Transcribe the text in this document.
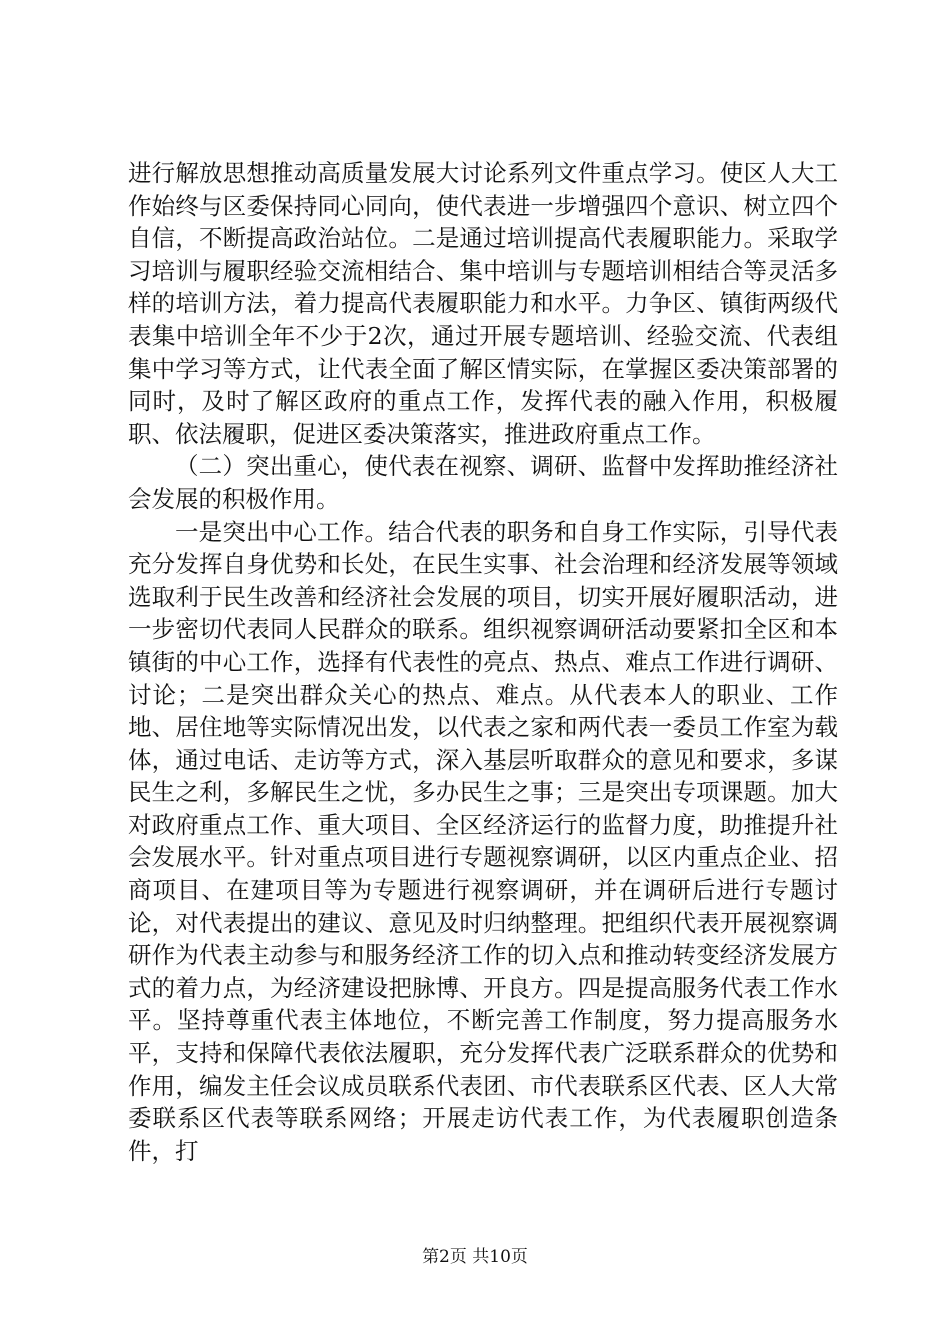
进行解放思想推动高质量发展大讨论系列文件重点学习。使区人大工作始终与区委保持同心同向，使代表进一步增强四个意识、树立四个自信，不断提高政治站位。二是通过培训提高代表履职能力。采取学习培训与履职经验交流相结合、集中培训与专题培训相结合等灵活多样的培训方法，着力提高代表履职能力和水平。力争区、镇街两级代表集中培训全年不少于2次，通过开展专题培训、经验交流、代表组集中学习等方式，让代表全面了解区情实际，在掌握区委决策部署的同时，及时了解区政府的重点工作，发挥代表的融入作用，积极履职、依法履职，促进区委决策落实，推进政府重点工作。

（二）突出重心，使代表在视察、调研、监督中发挥助推经济社会发展的积极作用。

一是突出中心工作。结合代表的职务和自身工作实际，引导代表充分发挥自身优势和长处，在民生实事、社会治理和经济发展等领域选取利于民生改善和经济社会发展的项目，切实开展好履职活动，进一步密切代表同人民群众的联系。组织视察调研活动要紧扣全区和本镇街的中心工作，选择有代表性的亮点、热点、难点工作进行调研、讨论；二是突出群众关心的热点、难点。从代表本人的职业、工作地、居住地等实际情况出发，以代表之家和两代表一委员工作室为载体，通过电话、走访等方式，深入基层听取群众的意见和要求，多谋民生之利，多解民生之忧，多办民生之事；三是突出专项课题。加大对政府重点工作、重大项目、全区经济运行的监督力度，助推提升社会发展水平。针对重点项目进行专题视察调研，以区内重点企业、招商项目、在建项目等为专题进行视察调研，并在调研后进行专题讨论，对代表提出的建议、意见及时归纳整理。把组织代表开展视察调研作为代表主动参与和服务经济工作的切入点和推动转变经济发展方式的着力点，为经济建设把脉博、开良方。四是提高服务代表工作水平。坚持尊重代表主体地位，不断完善工作制度，努力提高服务水平，支持和保障代表依法履职，充分发挥代表广泛联系群众的优势和作用，编发主任会议成员联系代表团、市代表联系区代表、区人大常委联系区代表等联系网络；开展走访代表工作，为代表履职创造条件，打

第2页 共10页
